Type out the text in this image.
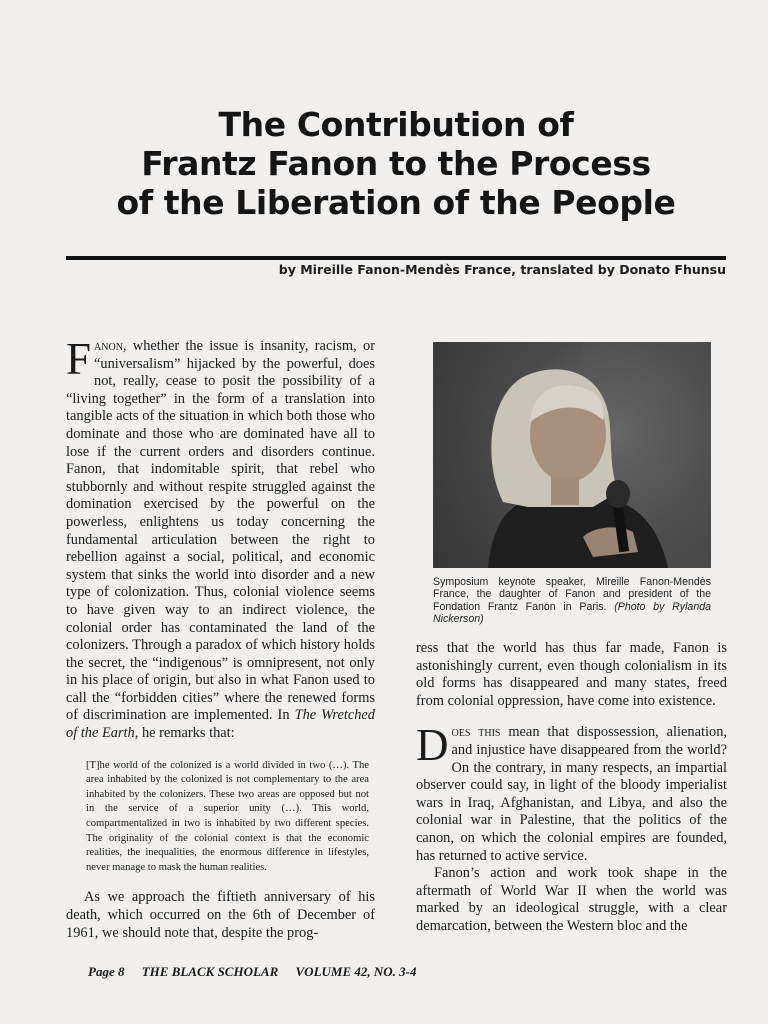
The Contribution of
Frantz Fanon to the Process
of the Liberation of the People
by Mireille Fanon-Mendès France, translated by Donato Fhunsu

Fanon, whether the issue is insanity, racism, or “universalism” hijacked by the powerful, does not, really, cease to posit the possibility of a “living together” in the form of a translation into tangible acts of the situation in which both those who dominate and those who are dominated have all to lose if the current orders and disorders continue. Fanon, that indomitable spirit, that rebel who stubbornly and without respite struggled against the domination exercised by the powerful on the powerless, enlightens us today concerning the fundamental articulation between the right to rebellion against a social, political, and economic system that sinks the world into disorder and a new type of colonization. Thus, colonial violence seems to have given way to an indirect violence, the colonial order has contaminated the land of the colonizers. Through a paradox of which history holds the secret, the “indigenous” is omnipresent, not only in his place of origin, but also in what Fanon used to call the “forbidden cities” where the renewed forms of discrimination are implemented. In The Wretched of the Earth, he remarks that:

[T]he world of the colonized is a world divided in two (…). The area inhabited by the colonized is not complementary to the area inhabited by the colonizers. These two areas are opposed but not in the service of a superior unity (…). This world, compartmentalized in two is inhabited by two different species. The originality of the colonial context is that the economic realities, the inequalities, the enormous difference in lifestyles, never manage to mask the human realities.

As we approach the fiftieth anniversary of his death, which occurred on the 6th of December of 1961, we should note that, despite the prog-

Symposium keynote speaker, Mireille Fanon-Mendès France, the daughter of Fanon and president of the Fondation Frantz Fanon in Paris. (Photo by Rylanda Nickerson)

ress that the world has thus far made, Fanon is astonishingly current, even though colonialism in its old forms has disappeared and many states, freed from colonial oppression, have come into existence.

Does this mean that dispossession, alienation, and injustice have disappeared from the world? On the contrary, in many respects, an impartial observer could say, in light of the bloody imperialist wars in Iraq, Afghanistan, and Libya, and also the colonial war in Palestine, that the politics of the canon, on which the colonial empires are founded, has returned to active service.

Fanon’s action and work took shape in the aftermath of World War II when the world was marked by an ideological struggle, with a clear demarcation, between the Western bloc and the

Page 8 THE BLACK SCHOLAR VOLUME 42, NO. 3-4
